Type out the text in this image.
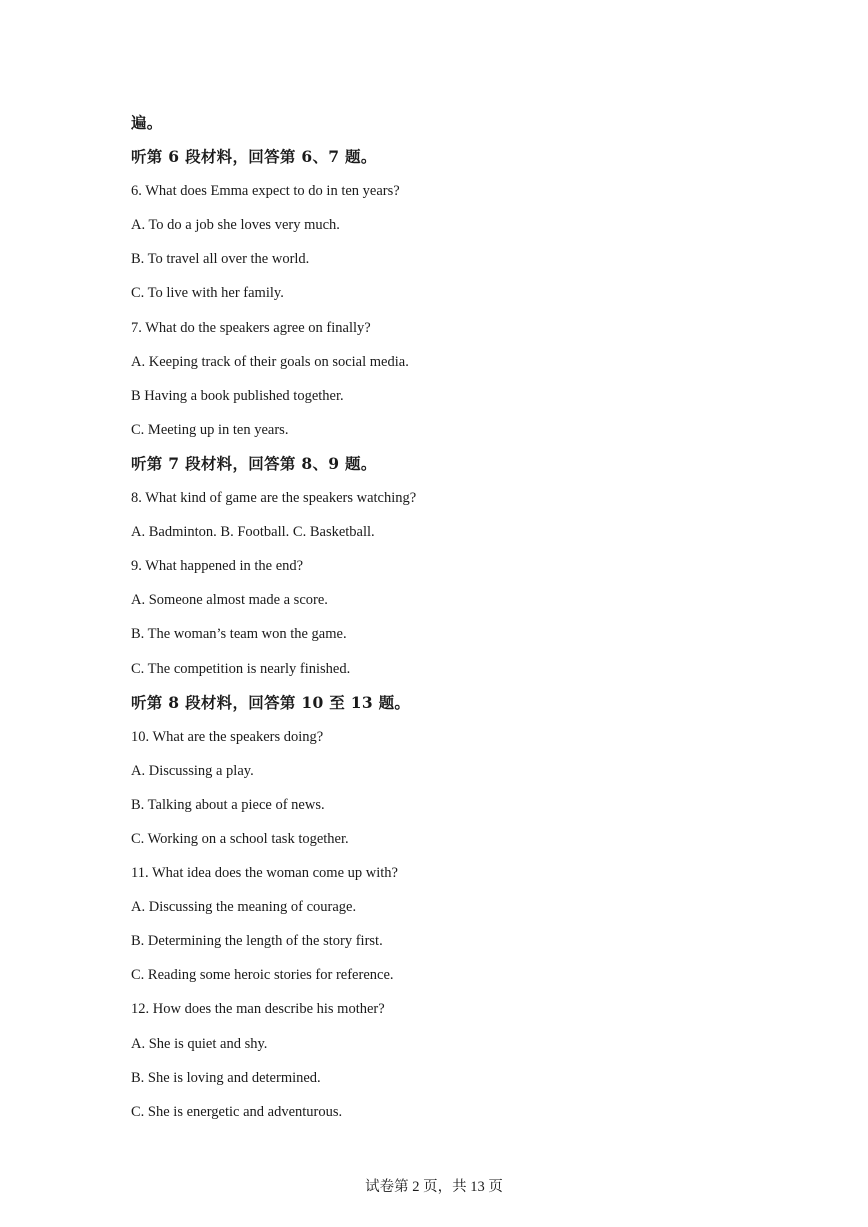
遍。
听第 6 段材料，回答第 6、7 题。
6. What does Emma expect to do in ten years?
A. To do a job she loves very much.
B. To travel all over the world.
C. To live with her family.
7. What do the speakers agree on finally?
A. Keeping track of their goals on social media.
B Having a book published together.
C. Meeting up in ten years.
听第 7 段材料，回答第 8、9 题。
8. What kind of game are the speakers watching?
A. Badminton. B. Football. C. Basketball.
9. What happened in the end?
A. Someone almost made a score.
B. The woman’s team won the game.
C. The competition is nearly finished.
听第 8 段材料，回答第 10 至 13 题。
10. What are the speakers doing?
A. Discussing a play.
B. Talking about a piece of news.
C. Working on a school task together.
11. What idea does the woman come up with?
A. Discussing the meaning of courage.
B. Determining the length of the story first.
C. Reading some heroic stories for reference.
12. How does the man describe his mother?
A. She is quiet and shy.
B. She is loving and determined.
C. She is energetic and adventurous.
试卷第 2 页，共 13 页
